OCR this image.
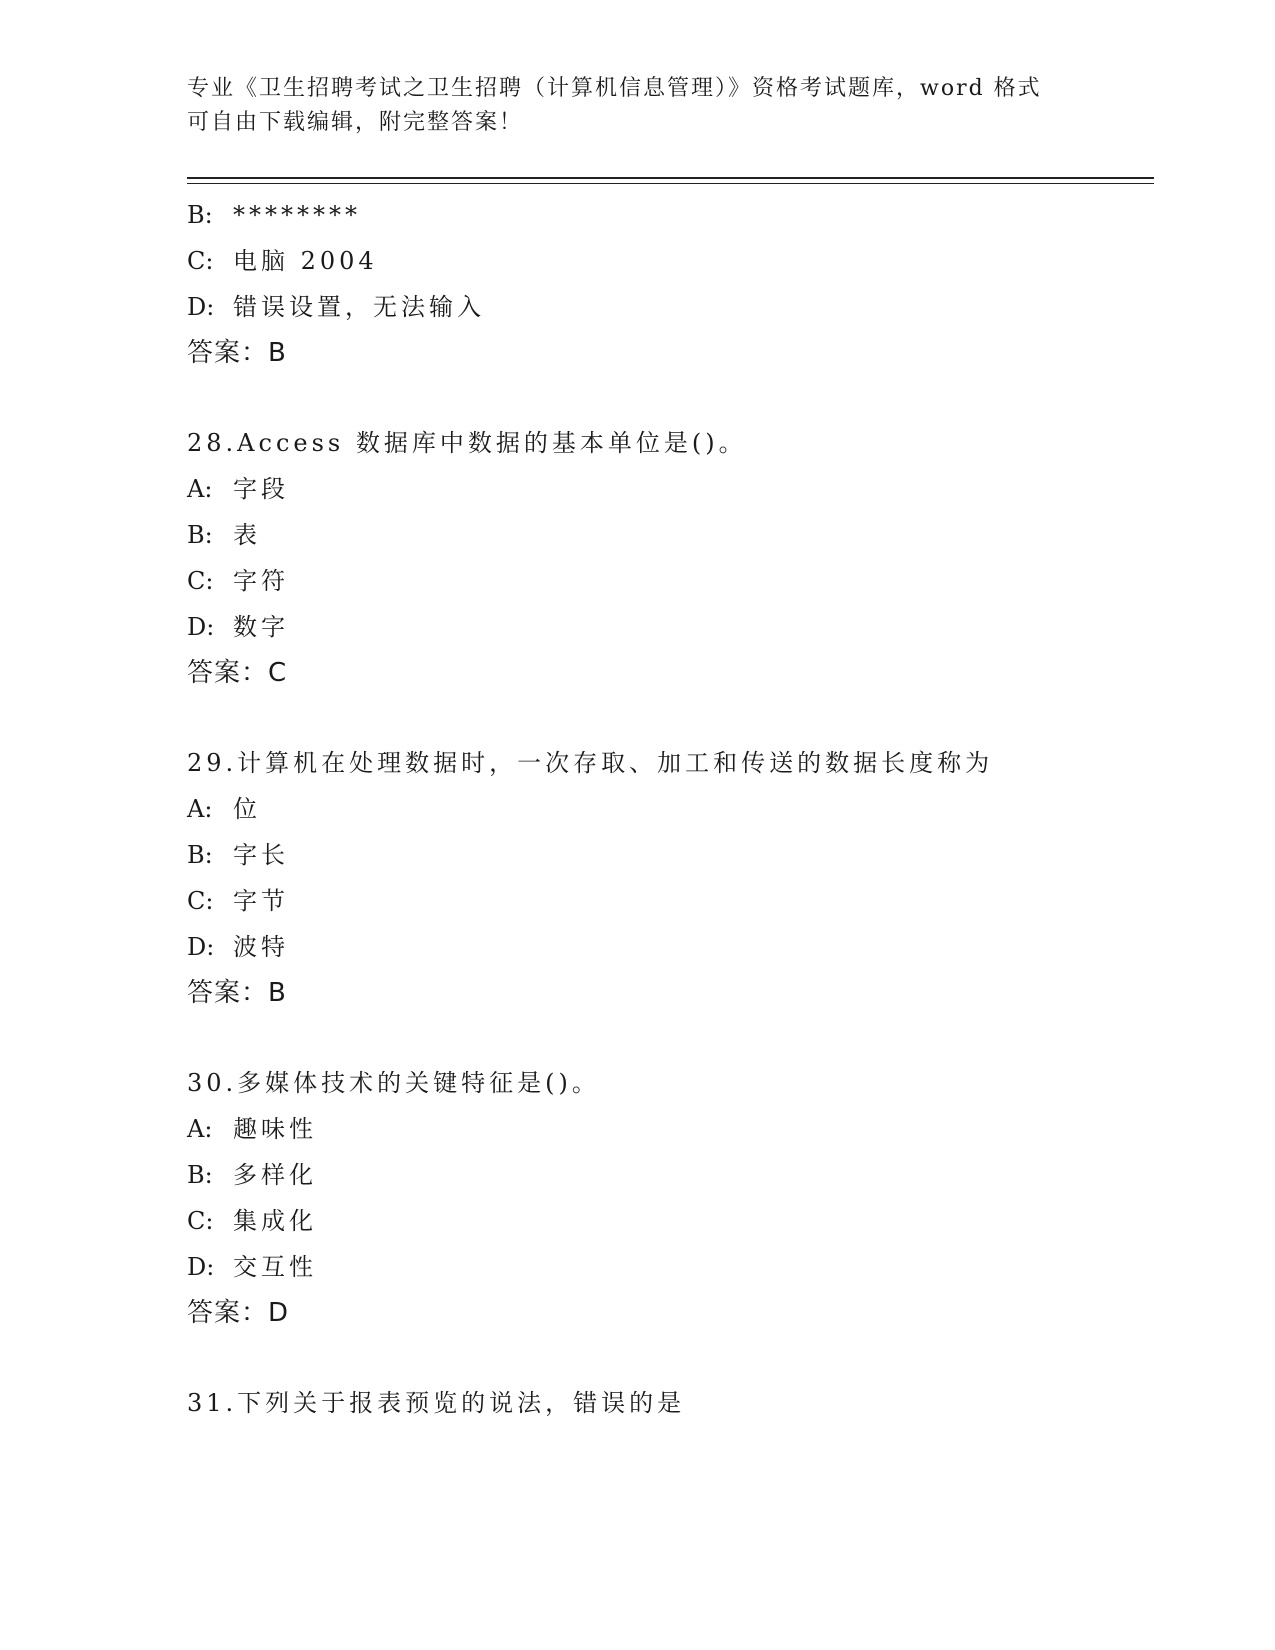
专业《卫生招聘考试之卫生招聘（计算机信息管理）》资格考试题库，word 格式
可自由下载编辑，附完整答案！
B: ********
C: 电脑 2004
D: 错误设置，无法输入
答案：B
28.Access 数据库中数据的基本单位是()。
A: 字段
B: 表
C: 字符
D: 数字
答案：C
29.计算机在处理数据时，一次存取、加工和传送的数据长度称为
A: 位
B: 字长
C: 字节
D: 波特
答案：B
30.多媒体技术的关键特征是()。
A: 趣味性
B: 多样化
C: 集成化
D: 交互性
答案：D
31.下列关于报表预览的说法，错误的是
